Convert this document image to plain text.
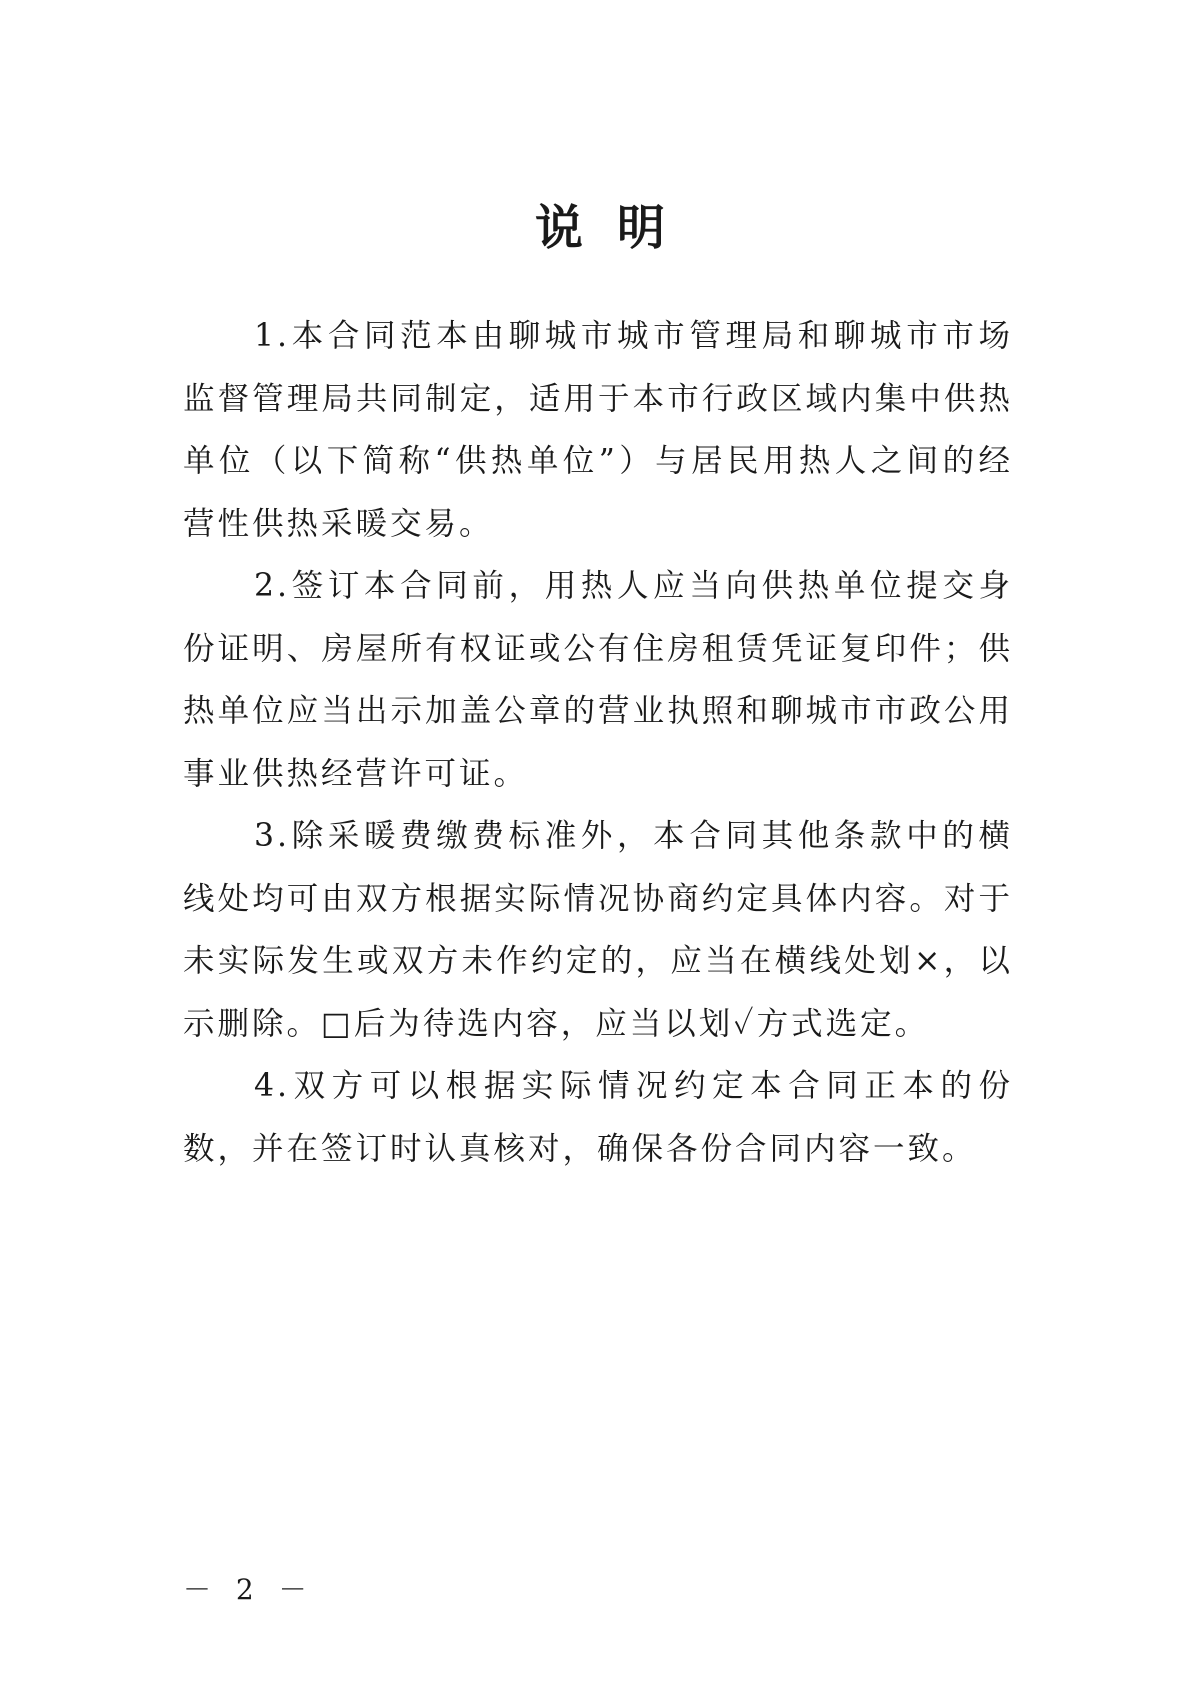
说明

1.本合同范本由聊城市城市管理局和聊城市市场监督管理局共同制定，适用于本市行政区域内集中供热单位（以下简称“供热单位”）与居民用热人之间的经营性供热采暖交易。

2.签订本合同前，用热人应当向供热单位提交身份证明、房屋所有权证或公有住房租赁凭证复印件；供热单位应当出示加盖公章的营业执照和聊城市市政公用事业供热经营许可证。

3.除采暖费缴费标准外，本合同其他条款中的横线处均可由双方根据实际情况协商约定具体内容。对于未实际发生或双方未作约定的，应当在横线处划×，以示删除。□后为待选内容，应当以划✓方式选定。

4.双方可以根据实际情况约定本合同正本的份数，并在签订时认真核对，确保各份合同内容一致。

－ 2 －
